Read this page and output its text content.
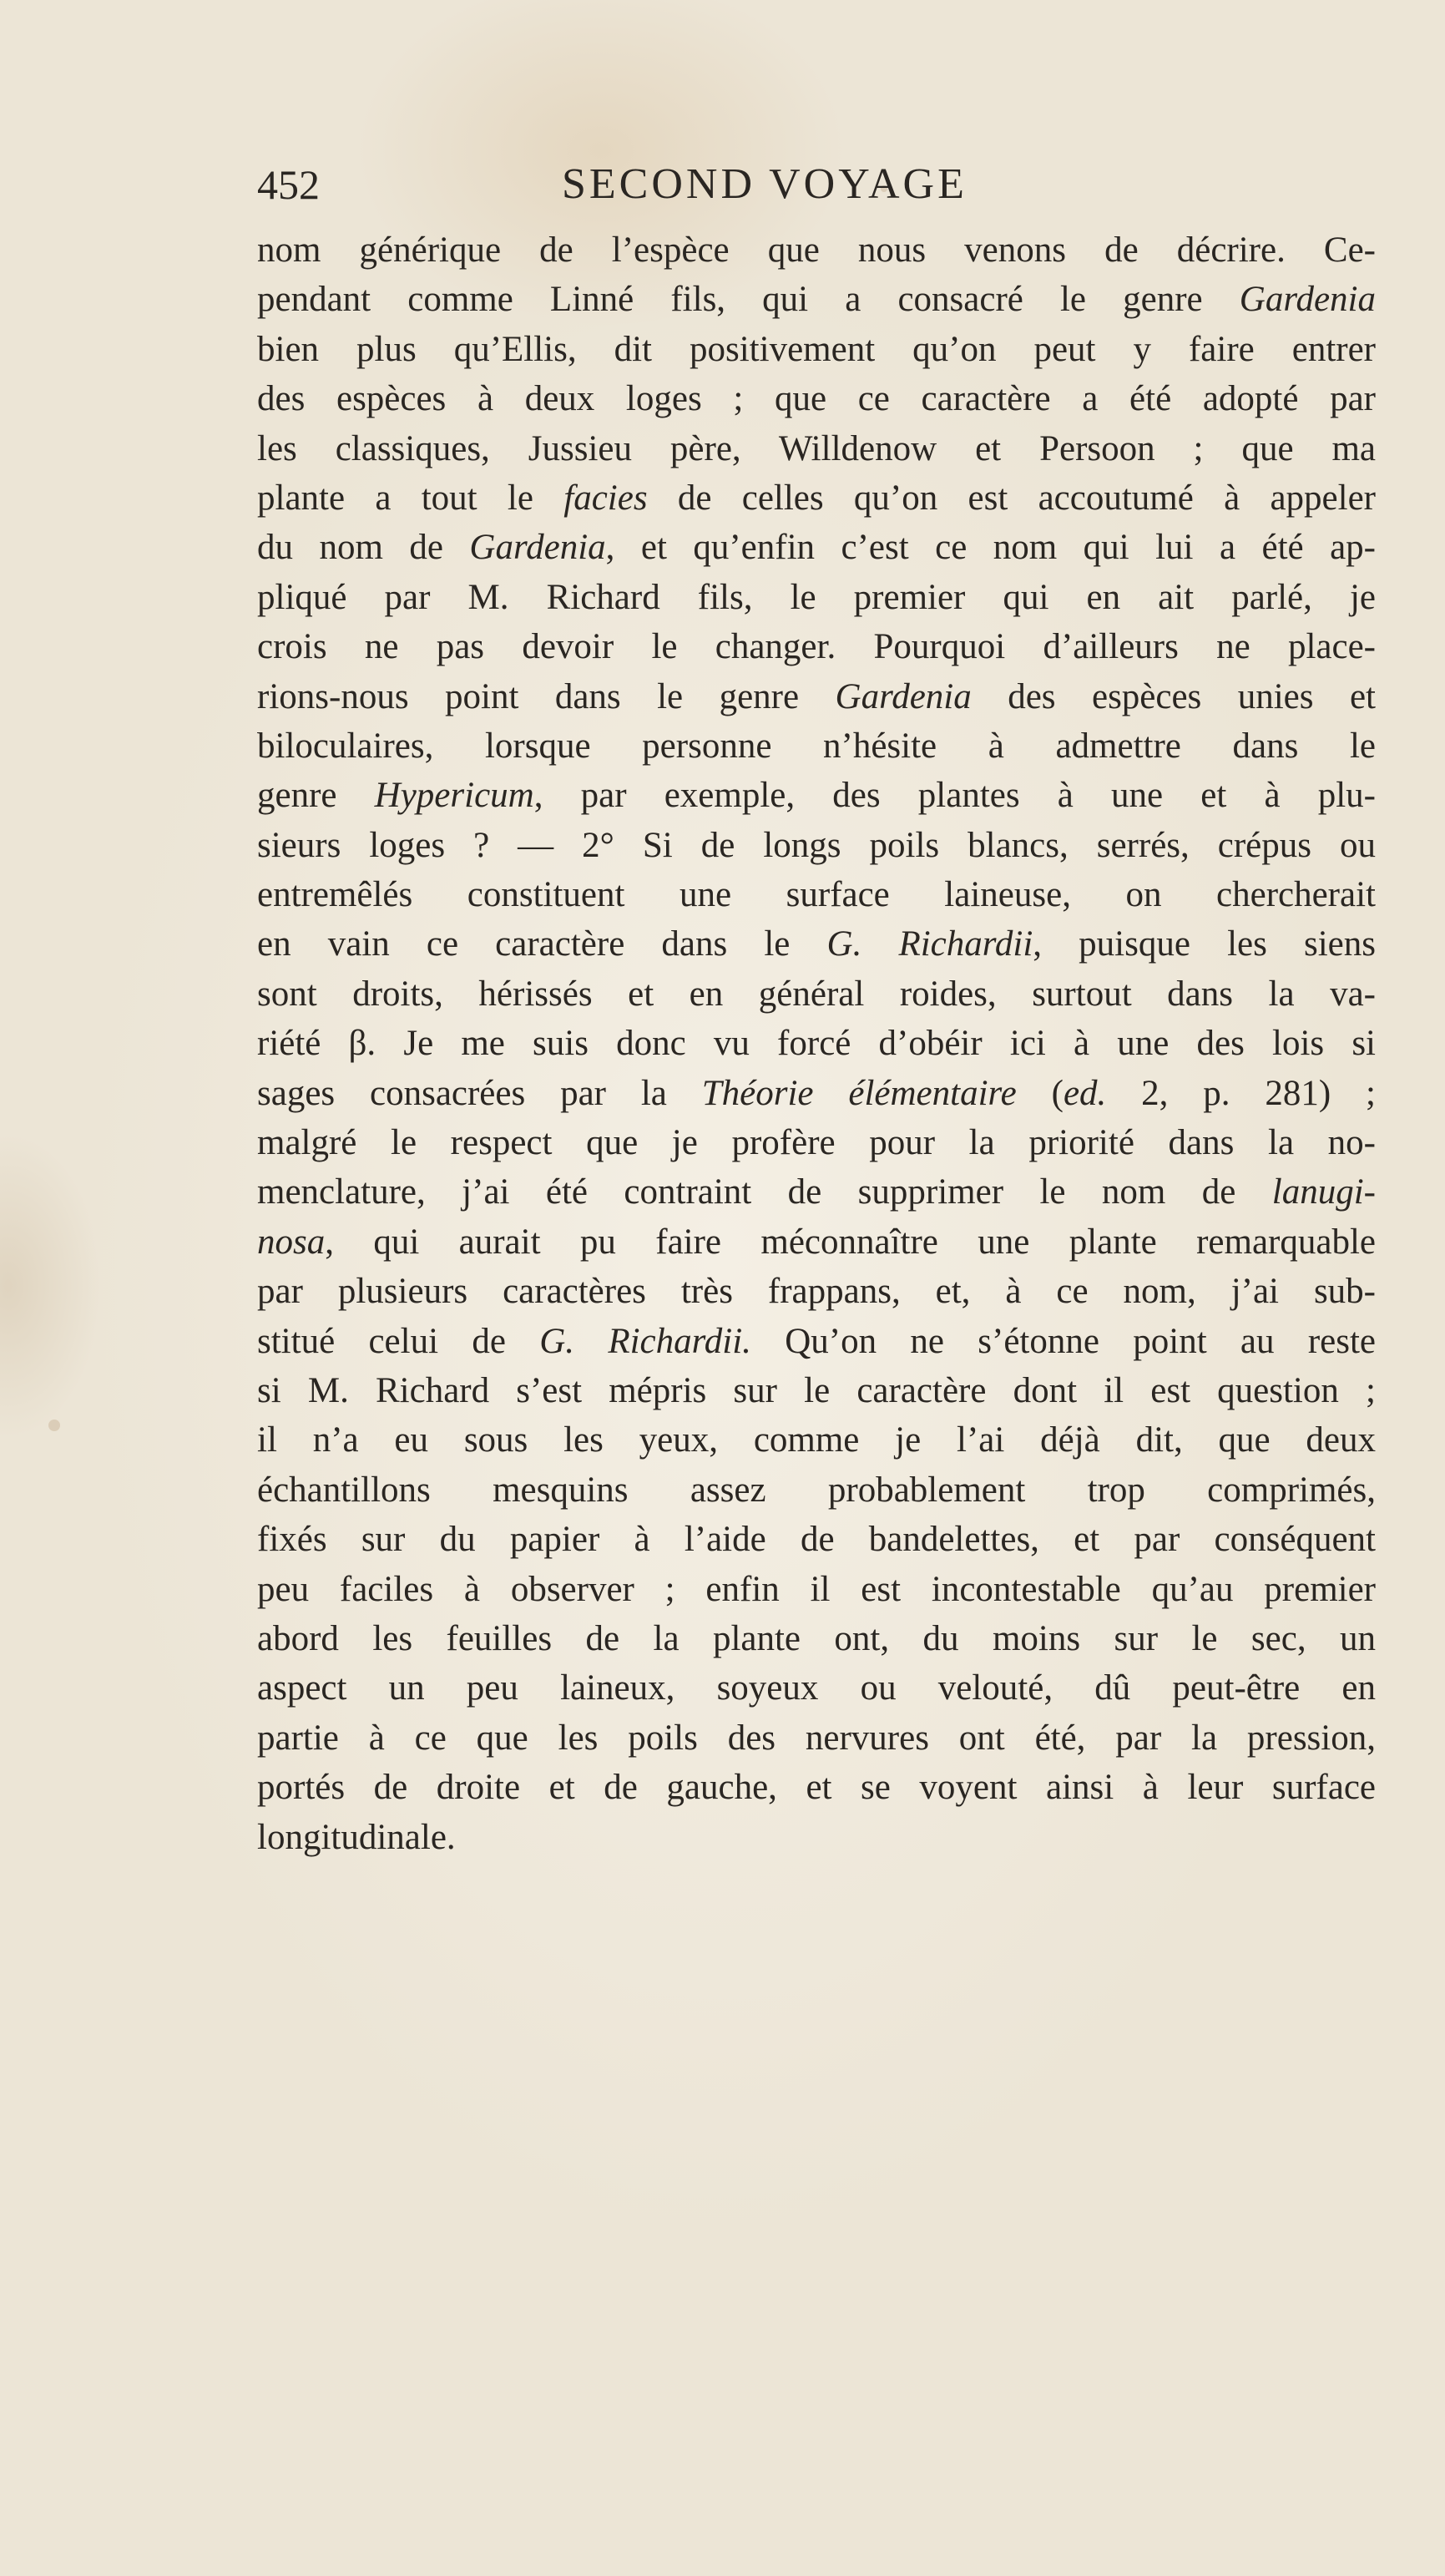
452	SECOND VOYAGE
nom générique de l’espèce que nous venons de décrire. Ce-
pendant comme Linné fils, qui a consacré le genre Gardenia
bien plus qu’Ellis, dit positivement qu’on peut y faire entrer
des espèces à deux loges ; que ce caractère a été adopté par
les classiques, Jussieu père, Willdenow et Persoon ; que ma
plante a tout le facies de celles qu’on est accoutumé à appeler
du nom de Gardenia, et qu’enfin c’est ce nom qui lui a été ap-
pliqué par M. Richard fils, le premier qui en ait parlé, je
crois ne pas devoir le changer. Pourquoi d’ailleurs ne place-
rions-nous point dans le genre Gardenia des espèces unies et
biloculaires, lorsque personne n’hésite à admettre dans le
genre Hypericum, par exemple, des plantes à une et à plu-
sieurs loges ? — 2° Si de longs poils blancs, serrés, crépus ou
entremêlés constituent une surface laineuse, on chercherait
en vain ce caractère dans le G. Richardii, puisque les siens
sont droits, hérissés et en général roides, surtout dans la va-
riété β. Je me suis donc vu forcé d’obéir ici à une des lois si
sages consacrées par la Théorie élémentaire (ed. 2, p. 281) ;
malgré le respect que je profère pour la priorité dans la no-
menclature, j’ai été contraint de supprimer le nom de lanugi-
nosa, qui aurait pu faire méconnaître une plante remarquable
par plusieurs caractères très frappans, et, à ce nom, j’ai sub-
stitué celui de G. Richardii. Qu’on ne s’étonne point au reste
si M. Richard s’est mépris sur le caractère dont il est question ;
il n’a eu sous les yeux, comme je l’ai déjà dit, que deux
échantillons mesquins assez probablement trop comprimés,
fixés sur du papier à l’aide de bandelettes, et par conséquent
peu faciles à observer ; enfin il est incontestable qu’au premier
abord les feuilles de la plante ont, du moins sur le sec, un
aspect un peu laineux, soyeux ou velouté, dû peut-être en
partie à ce que les poils des nervures ont été, par la pression,
portés de droite et de gauche, et se voyent ainsi à leur surface
longitudinale.
